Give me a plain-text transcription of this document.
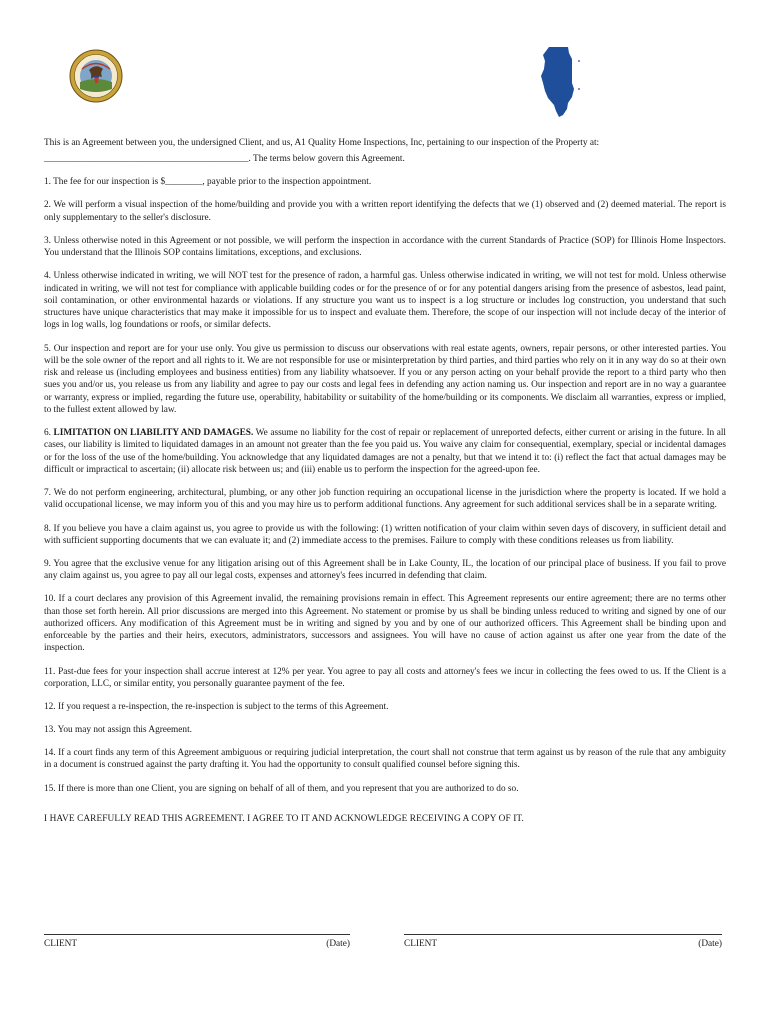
This is an Agreement between you, the undersigned Client, and us, A1 Quality Home Inspections, Inc, pertaining to our inspection of the Property at:

____________________________________________. The terms below govern this Agreement.

1. The fee for our inspection is $________, payable prior to the inspection appointment.

2. We will perform a visual inspection of the home/building and provide you with a written report identifying the defects that we (1) observed and (2) deemed material. The report is only supplementary to the seller's disclosure.

3. Unless otherwise noted in this Agreement or not possible, we will perform the inspection in accordance with the current Standards of Practice (SOP) for Illinois Home Inspectors. You understand that the Illinois SOP contains limitations, exceptions, and exclusions.

4. Unless otherwise indicated in writing, we will NOT test for the presence of radon, a harmful gas. Unless otherwise indicated in writing, we will not test for mold. Unless otherwise indicated in writing, we will not test for compliance with applicable building codes or for the presence of or for any potential dangers arising from the presence of asbestos, lead paint, soil contamination, or other environmental hazards or violations. If any structure you want us to inspect is a log structure or includes log construction, you understand that such structures have unique characteristics that may make it impossible for us to inspect and evaluate them. Therefore, the scope of our inspection will not include decay of the interior of logs in log walls, log foundations or roofs, or similar defects.

5. Our inspection and report are for your use only. You give us permission to discuss our observations with real estate agents, owners, repair persons, or other interested parties. You will be the sole owner of the report and all rights to it. We are not responsible for use or misinterpretation by third parties, and third parties who rely on it in any way do so at their own risk and release us (including employees and business entities) from any liability whatsoever. If you or any person acting on your behalf provide the report to a third party who then sues you and/or us, you release us from any liability and agree to pay our costs and legal fees in defending any action naming us. Our inspection and report are in no way a guarantee or warranty, express or implied, regarding the future use, operability, habitability or suitability of the home/building or its components. We disclaim all warranties, express or implied, to the fullest extent allowed by law.

6. LIMITATION ON LIABILITY AND DAMAGES. We assume no liability for the cost of repair or replacement of unreported defects, either current or arising in the future. In all cases, our liability is limited to liquidated damages in an amount not greater than the fee you paid us. You waive any claim for consequential, exemplary, special or incidental damages or for the loss of the use of the home/building. You acknowledge that any liquidated damages are not a penalty, but that we intend it to: (i) reflect the fact that actual damages may be difficult or impractical to ascertain; (ii) allocate risk between us; and (iii) enable us to perform the inspection for the agreed-upon fee.

7. We do not perform engineering, architectural, plumbing, or any other job function requiring an occupational license in the jurisdiction where the property is located. If we hold a valid occupational license, we may inform you of this and you may hire us to perform additional functions. Any agreement for such additional services shall be in a separate writing.

8. If you believe you have a claim against us, you agree to provide us with the following: (1) written notification of your claim within seven days of discovery, in sufficient detail and with sufficient supporting documents that we can evaluate it; and (2) immediate access to the premises. Failure to comply with these conditions releases us from liability.

9. You agree that the exclusive venue for any litigation arising out of this Agreement shall be in Lake County, IL, the location of our principal place of business. If you fail to prove any claim against us, you agree to pay all our legal costs, expenses and attorney's fees incurred in defending that claim.

10. If a court declares any provision of this Agreement invalid, the remaining provisions remain in effect. This Agreement represents our entire agreement; there are no terms other than those set forth herein. All prior discussions are merged into this Agreement. No statement or promise by us shall be binding unless reduced to writing and signed by one of our authorized officers. Any modification of this Agreement must be in writing and signed by you and by one of our authorized officers. This Agreement shall be binding upon and enforceable by the parties and their heirs, executors, administrators, successors and assignees. You will have no cause of action against us after one year from the date of the inspection.

11. Past-due fees for your inspection shall accrue interest at 12% per year. You agree to pay all costs and attorney's fees we incur in collecting the fees owed to us. If the Client is a corporation, LLC, or similar entity, you personally guarantee payment of the fee.

12. If you request a re-inspection, the re-inspection is subject to the terms of this Agreement.

13. You may not assign this Agreement.

14. If a court finds any term of this Agreement ambiguous or requiring judicial interpretation, the court shall not construe that term against us by reason of the rule that any ambiguity in a document is construed against the party drafting it. You had the opportunity to consult qualified counsel before signing this.

15. If there is more than one Client, you are signing on behalf of all of them, and you represent that you are authorized to do so.

I HAVE CAREFULLY READ THIS AGREEMENT. I AGREE TO IT AND ACKNOWLEDGE RECEIVING A COPY OF IT.

CLIENT	(Date)	CLIENT	(Date)
